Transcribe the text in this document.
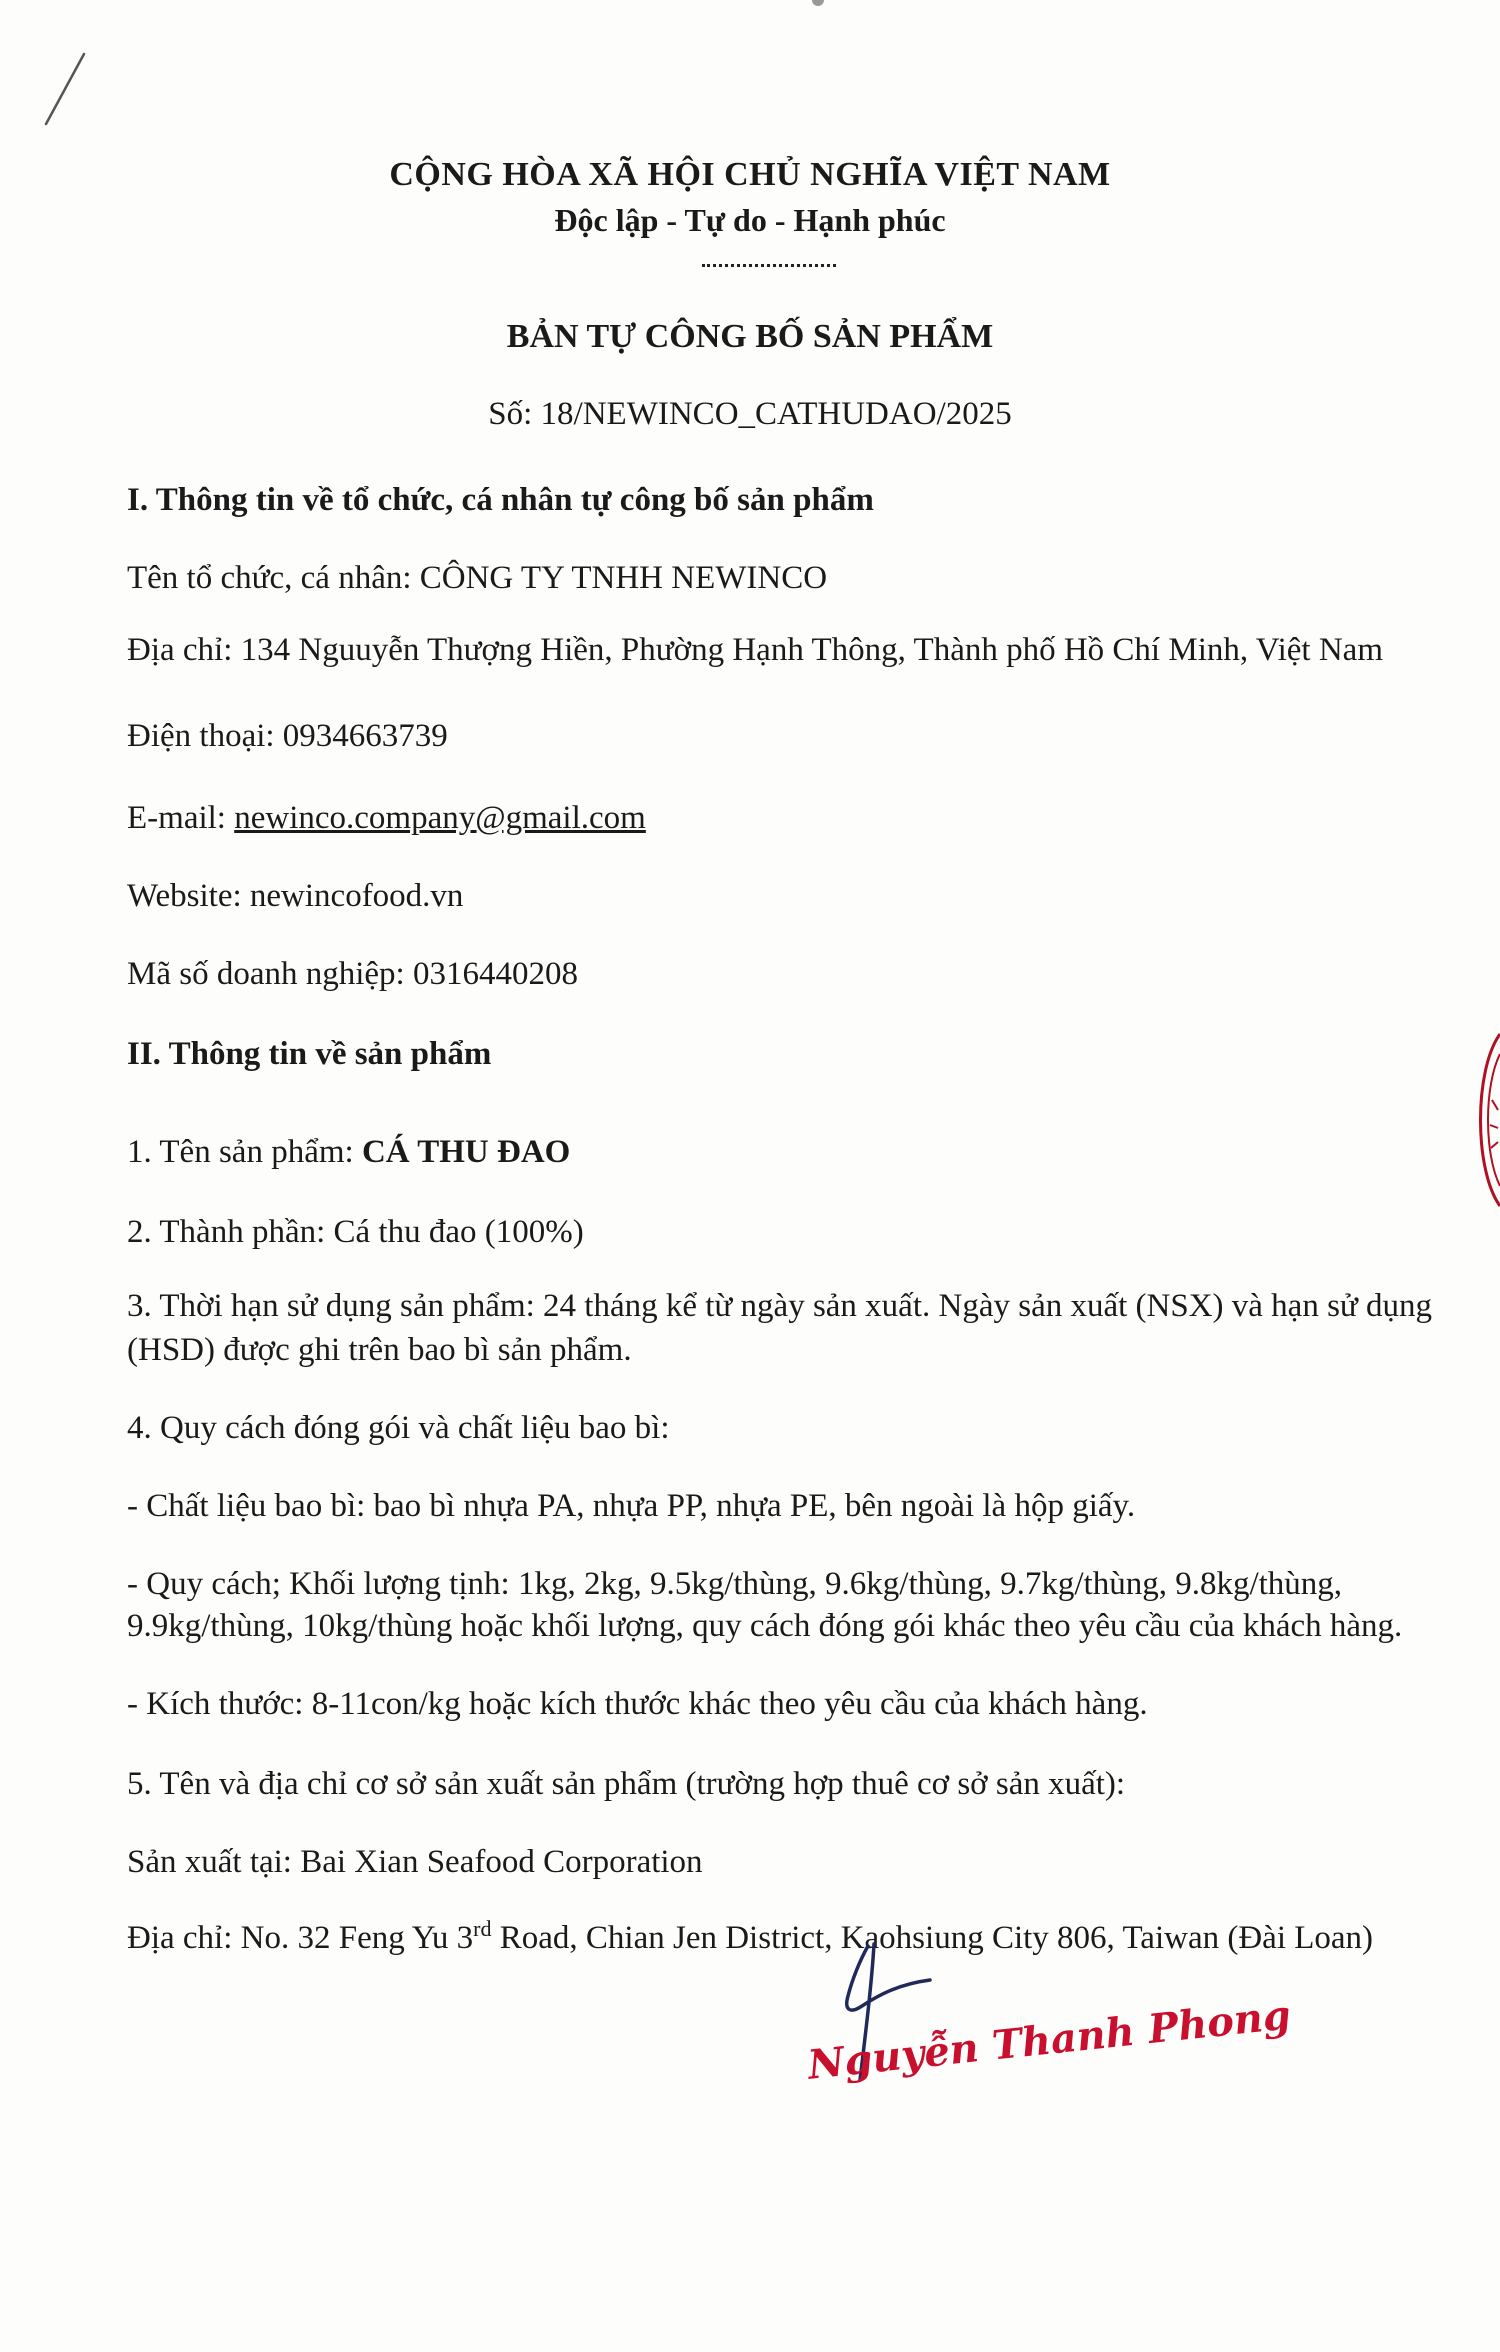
CỘNG HÒA XÃ HỘI CHỦ NGHĨA VIỆT NAM
Độc lập - Tự do - Hạnh phúc
BẢN TỰ CÔNG BỐ SẢN PHẨM
Số: 18/NEWINCO_CATHUDAO/2025
I. Thông tin về tổ chức, cá nhân tự công bố sản phẩm
Tên tổ chức, cá nhân: CÔNG TY TNHH NEWINCO
Địa chỉ: 134 Nguuyễn Thượng Hiền, Phường Hạnh Thông, Thành phố Hồ Chí Minh, Việt Nam
Điện thoại: 0934663739
E-mail: newinco.company@gmail.com
Website: newincofood.vn
Mã số doanh nghiệp: 0316440208
II. Thông tin về sản phẩm
1. Tên sản phẩm: CÁ THU ĐAO
2. Thành phần: Cá thu đao (100%)
3. Thời hạn sử dụng sản phẩm: 24 tháng kể từ ngày sản xuất. Ngày sản xuất (NSX) và hạn sử dụng
(HSD) được ghi trên bao bì sản phẩm.
4. Quy cách đóng gói và chất liệu bao bì:
- Chất liệu bao bì: bao bì nhựa PA, nhựa PP, nhựa PE, bên ngoài là hộp giấy.
- Quy cách; Khối lượng tịnh: 1kg, 2kg, 9.5kg/thùng, 9.6kg/thùng, 9.7kg/thùng, 9.8kg/thùng,
9.9kg/thùng, 10kg/thùng hoặc khối lượng, quy cách đóng gói khác theo yêu cầu của khách hàng.
- Kích thước: 8-11con/kg hoặc kích thước khác theo yêu cầu của khách hàng.
5. Tên và địa chỉ cơ sở sản xuất sản phẩm (trường hợp thuê cơ sở sản xuất):
Sản xuất tại: Bai Xian Seafood Corporation
Địa chỉ: No. 32 Feng Yu 3rd Road, Chian Jen District, Kaohsiung City 806, Taiwan (Đài Loan)
Nguyễn Thanh Phong
